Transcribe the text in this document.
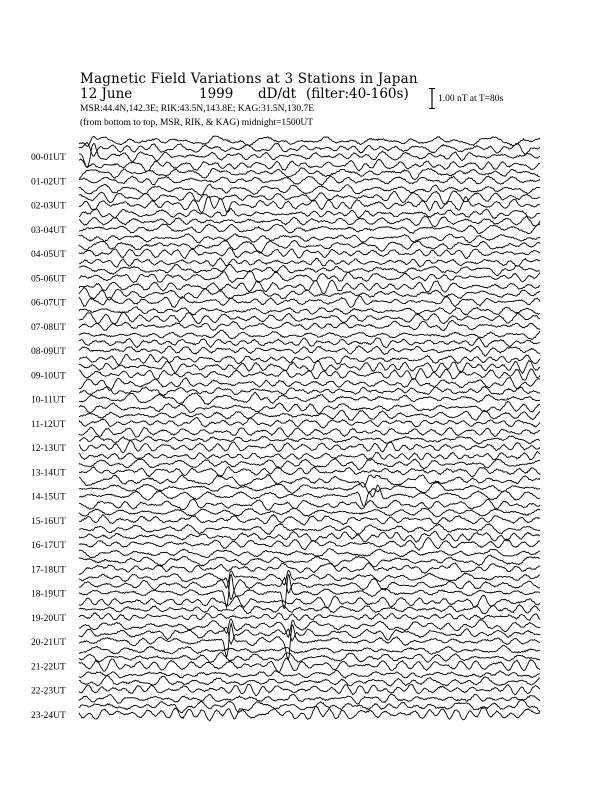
Magnetic Field Variations at 3 Stations in Japan
12 June	1999 dD/dt (filter:40-160s)
MSR:44.4N,142.3E; RIK:43.5N,143.8E; KAG:31.5N,130.7E
(from bottom to top, MSR, RIK, & KAG) midnight=1500UT
1.00 nT at T=80s
00-01UT
01-02UT
02-03UT
03-04UT
04-05UT
05-06UT
06-07UT
07-08UT
08-09UT
09-10UT
10-11UT
11-12UT
12-13UT
13-14UT
14-15UT
15-16UT
16-17UT
17-18UT
18-19UT
19-20UT
20-21UT
21-22UT
22-23UT
23-24UT
